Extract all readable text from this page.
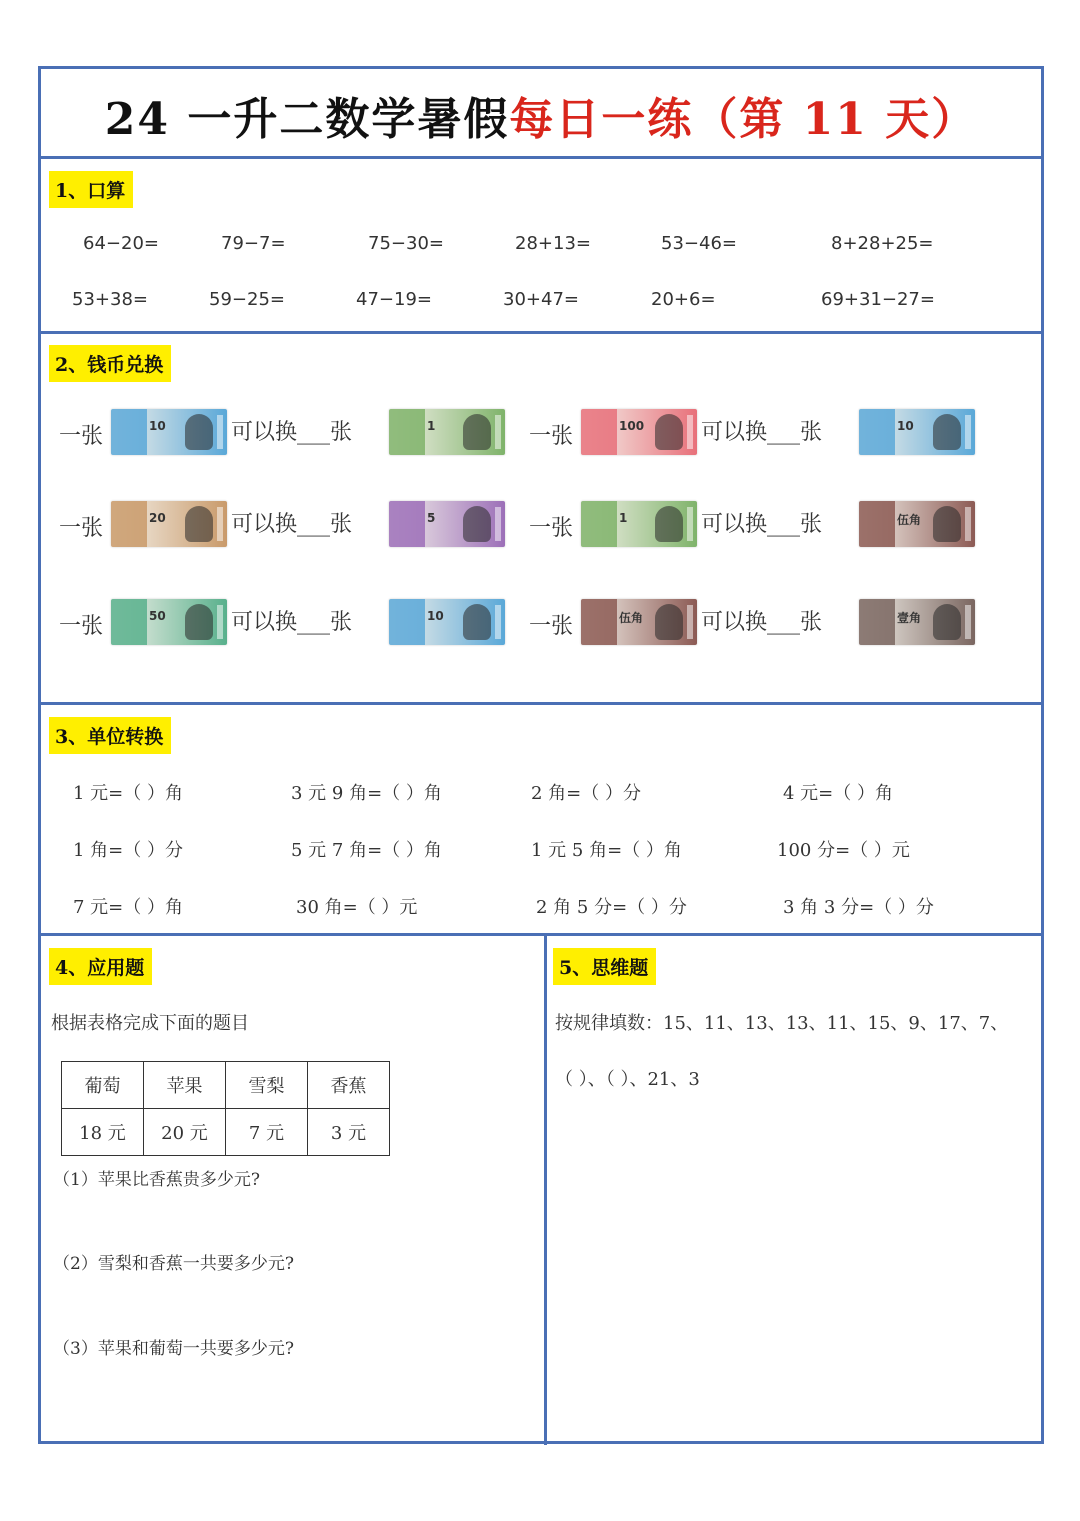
24 一升二数学暑假每日一练（第 11 天）
1、口算
64−20=	79−7=	75−30=	28+13=	53−46=	8+28+25=
53+38=	59−25=	47−19=	30+47=	20+6=	69+31−27=
2、钱币兑换
一张	10	可以换___张	1	一张	100	可以换___张	10
一张	20	可以换___张	5	一张	1	可以换___张	伍角
一张	50	可以换___张	10	一张	伍角	可以换___张	壹角
3、单位转换
1 元=（ ）角	3 元 9 角=（ ）角	2 角=（ ）分	4 元=（ ）角
1 角=（ ）分	5 元 7 角=（ ）角	1 元 5 角=（ ）角	100 分=（ ）元
7 元=（ ）角	30 角=（ ）元	2 角 5 分=（ ）分	3 角 3 分=（ ）分
4、应用题
根据表格完成下面的题目
葡萄	苹果	雪梨	香蕉
18 元	20 元	7 元	3 元
（1）苹果比香蕉贵多少元?
（2）雪梨和香蕉一共要多少元?
（3）苹果和葡萄一共要多少元?
5、思维题
按规律填数：15、11、13、13、11、15、9、17、7、
（ ）、（ ）、21、3
